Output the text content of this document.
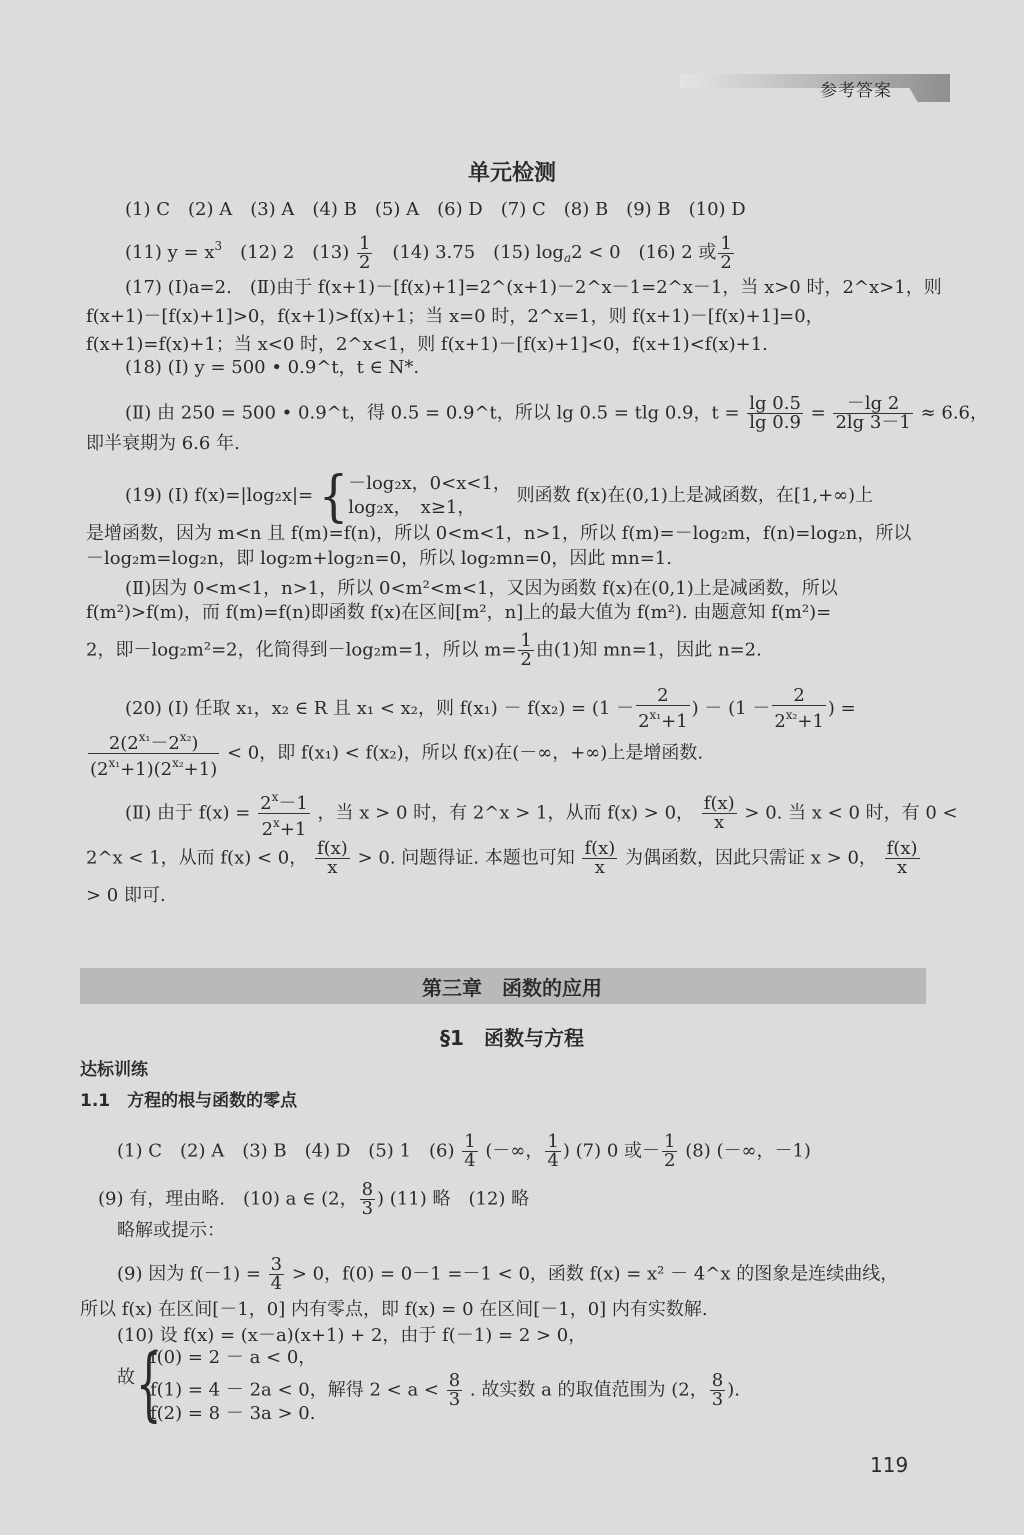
参考答案
单元检测
(1) C　(2) A　(3) A　(4) B　(5) A　(6) D　(7) C　(8) B　(9) B　(10) D
(11) $y = x^3$　(12) 2　$(13) \frac{1}{2}$ 　(14) 3.75　(15) $\log_a2 < 0$　(16) 2 或 $\frac{1}{2}$
(17) (Ⅰ)a=2.　(Ⅱ)由于 f(x+1)－[f(x)+1]=2^(x+1)－2^x－1=2^x－1，当 x>0 时，2^x>1，则
f(x+1)－[f(x)+1]>0，f(x+1)>f(x)+1；当 x=0 时，2^x=1，则 f(x+1)－[f(x)+1]=0，
f(x+1)=f(x)+1；当 x<0 时，2^x<1，则 f(x+1)－[f(x)+1]<0，f(x+1)<f(x)+1.
(18) (Ⅰ) y = 500 • 0.9^t，t ∈ N*.
(Ⅱ) 由 250 = 500 • 0.9^t，得 0.5 = 0.9^t，所以 lg 0.5 = tlg 0.9，$t = \frac{\lg 0.5}{\lg 0.9} = \frac{-\lg 2}{2\lg 3-1} \approx 6.6$，
即半衰期为 6.6 年.
(19) (Ⅰ) f(x)=|log₂x|= {－log₂x，0<x<1，
log₂x，　x≥1， 则函数 f(x)在(0,1)上是减函数，在[1,+∞)上
是增函数，因为 m<n 且 f(m)=f(n)，所以 0<m<1，n>1，所以 f(m)=－log₂m，f(n)=log₂n，所以
－log₂m=log₂n，即 log₂m+log₂n=0，所以 log₂mn=0，因此 mn=1.
(Ⅱ)因为 0<m<1，n>1，所以 0<m²<m<1，又因为函数 f(x)在(0,1)上是减函数，所以
f(m²)>f(m)，而 f(m)=f(n)即函数 f(x)在区间[m²，n]上的最大值为 f(m²). 由题意知 f(m²)=
2，即－log₂m²=2，化简得到－log₂m=1，所以 $m= \frac{1}{2}$ 由(1)知 mn=1，因此 n=2.
(20) (Ⅰ) 任取 x₁，x₂ ∈ R 且 x₁ < x₂，则 $f(x_1) - f(x_2) = (1 - \frac{2}{2^{x_1}+1}$ ) － ($1 - \frac{2}{2^{x_2}+1}$ ) =
$\frac{2(2^{x_1}-2^{x_2})}{(2^{x_1}+1)(2^{x_2}+1)} < 0$，即 f(x₁) < f(x₂)，所以 f(x)在(－∞，+∞)上是增函数.
(Ⅱ) 由于 $f(x) = \frac{2^x-1}{2^x+1}$ ，当 x > 0 时，有 2^x > 1，从而 f(x) > 0， $\frac{f(x)}{x} > 0$. 当 x < 0 时，有 0 <
2^x < 1，从而 f(x) < 0， $\frac{f(x)}{x} > 0$. 问题得证. 本题也可知 $\frac{f(x)}{x}$ 为偶函数，因此只需证 x > 0， $\frac{f(x)}{x}$
> 0 即可.
第三章　函数的应用
§1　函数与方程
达标训练
1.1　方程的根与函数的零点
(1) C　(2) A　(3) B　(4) D　(5) 1　$(6) \frac{1}{4}$ (－∞， $\frac{1}{4}$ ) (7) 0 或－ $\frac{1}{2} (8)$ (－∞，－1)
(9) 有，理由略.　(10) a ∈ (2， $\frac{8}{3}$ ) (11) 略　(12) 略
略解或提示：
(9) 因为 $f(-1) = \frac{3}{4} > 0$，f(0) = 0－1 =－1 < 0，函数 f(x) = x² － 4^x 的图象是连续曲线，
所以 f(x) 在区间[－1，0] 内有零点，即 f(x) = 0 在区间[－1，0] 内有实数解.
(10) 设 f(x) = (x－a)(x+1) + 2，由于 f(－1) = 2 > 0，
故 {
f(0) = 2 － a < 0，
f(1) = 4 － 2a < 0，解得 $2 < a < \frac{8}{3}$ . 故实数 a 的取值范围为 (2， $\frac{8}{3}$ ).
f(2) = 8 － 3a > 0.
119
